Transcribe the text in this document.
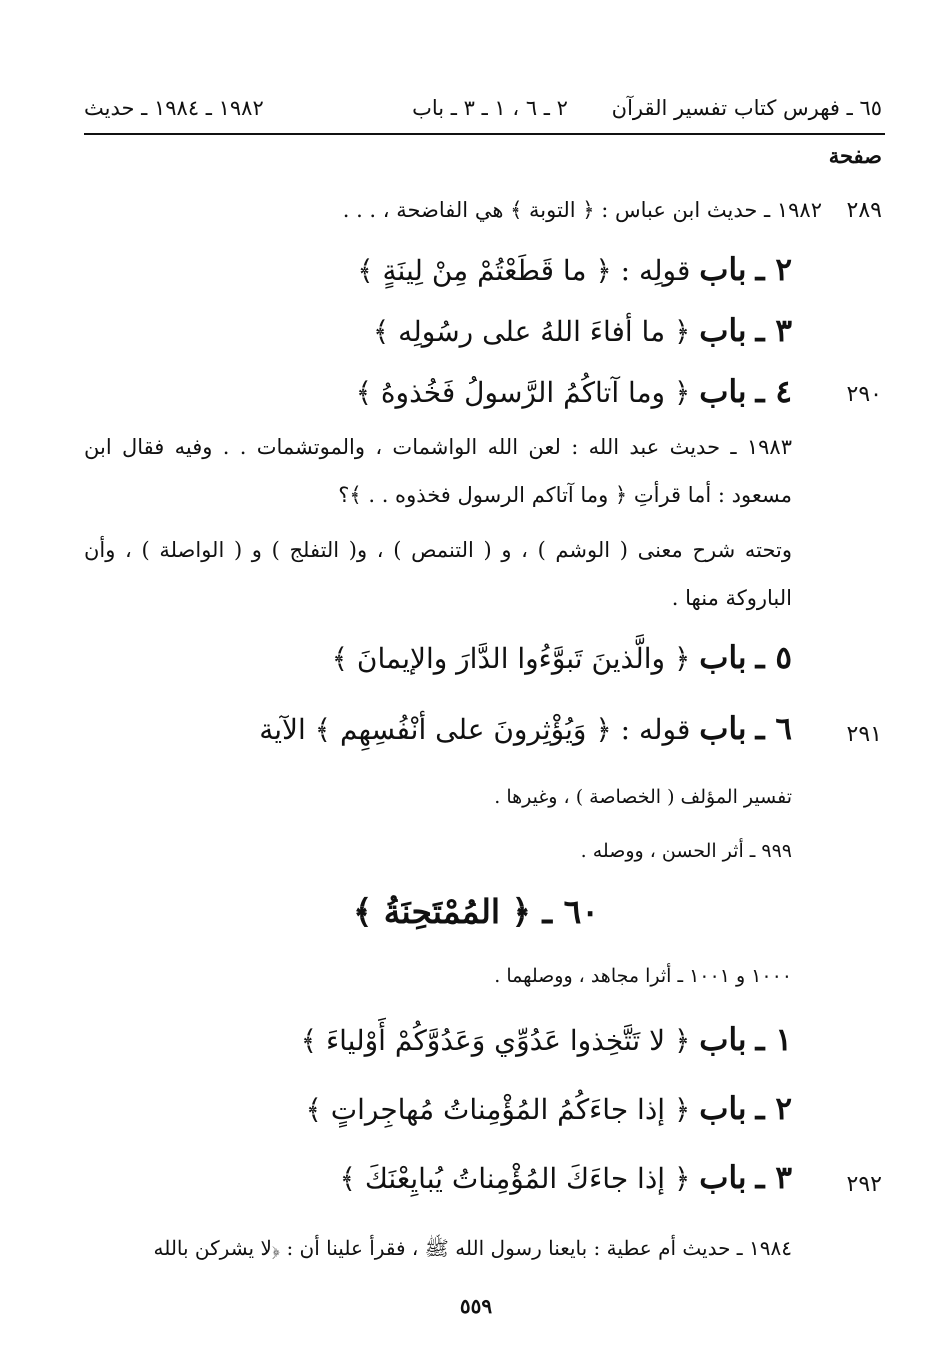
٦٥ ـ فهرس كتاب تفسير القرآن
٢ ـ ٦ ، ١ ـ ٣ ـ باب
١٩٨٢ ـ ١٩٨٤ ـ حديث
صفحة
٢٨٩
١٩٨٢ ـ حديث ابن عباس : ﴿ التوبة ﴾ هي الفاضحة ، . . .
٢ ـ باب قولِه : ﴿ ما قَطَعْتُمْ مِنْ لِينَةٍ ﴾
٣ ـ باب ﴿ ما أفاءَ اللهُ على رسُولِه ﴾
٢٩٠
٤ ـ باب ﴿ وما آتاكُمُ الرَّسولُ فَخُذوهُ ﴾
١٩٨٣ ـ حديث عبد الله : لعن الله الواشمات ، والموتشمات . . وفيه فقال ابن مسعود : أما قرأتِ ﴿ وما آتاكم الرسول فخذوه . . ﴾؟
وتحته شرح معنى ( الوشم ) ، و ( التنمص ) ، و( التفلج ) و ( الواصلة ) ، وأن الباروكة منها .
٥ ـ باب ﴿ والَّذينَ تَبوَّءُوا الدَّارَ والإيمانَ ﴾
٢٩١
٦ ـ باب قوله : ﴿ وَيُؤْثِرونَ على أنْفُسِهِم ﴾ الآية
تفسير المؤلف ( الخصاصة ) ، وغيرها .
٩٩٩ ـ أثر الحسن ، ووصله .
٦٠ ـ ﴿ المُمْتَحِنَةُ ﴾
١٠٠٠ و ١٠٠١ ـ أثرا مجاهد ، ووصلهما .
١ ـ باب ﴿ لا تَتَّخِذوا عَدُوِّي وَعَدُوَّكُمْ أَوْلياءَ ﴾
٢ ـ باب ﴿ إذا جاءَكُمُ المُؤْمِناتُ مُهاجِراتٍ ﴾
٢٩٢
٣ ـ باب ﴿ إذا جاءَكَ المُؤْمِناتُ يُبايِعْنَكَ ﴾
١٩٨٤ ـ حديث أم عطية : بايعنا رسول الله ﷺ ، فقرأ علينا أن : ﴿لا يشركن بالله
٥٥٩
